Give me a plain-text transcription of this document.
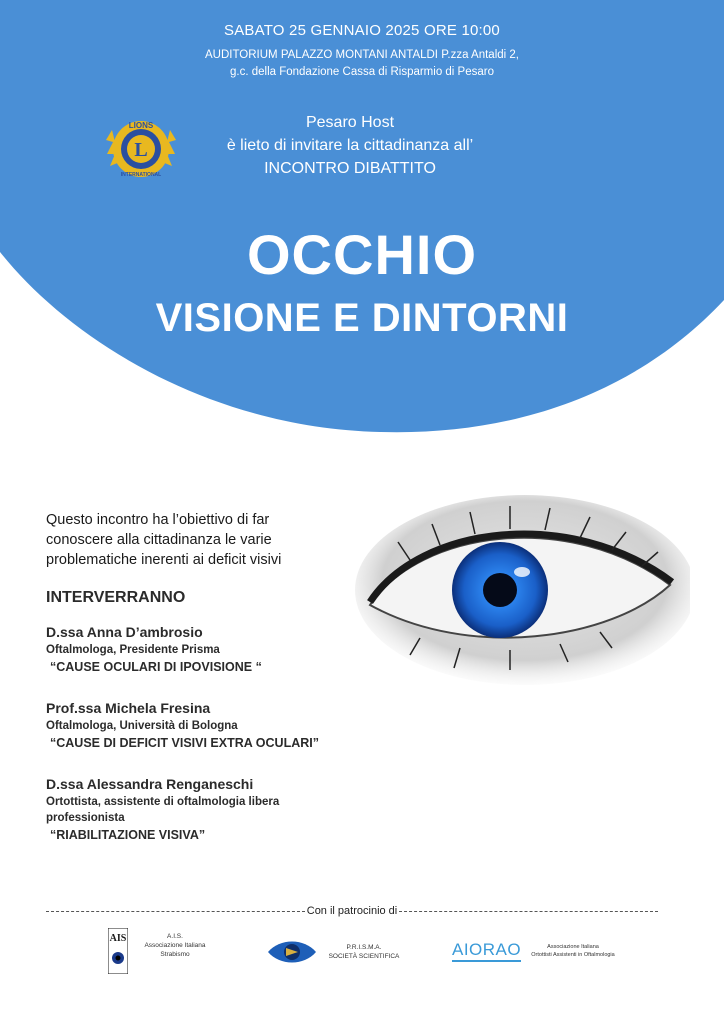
SABATO 25 GENNAIO 2025 ORE 10:00
AUDITORIUM PALAZZO MONTANI ANTALDI P.zza Antaldi 2,
g.c. della Fondazione Cassa di Risparmio di Pesaro
L
LIONS
INTERNATIONAL
Pesaro Host
è lieto di invitare la cittadinanza all’
INCONTRO DIBATTITO
OCCHIO
VISIONE E DINTORNI
Questo incontro ha l’obiettivo di far
conoscere alla cittadinanza le varie
problematiche inerenti ai deficit visivi
INTERVERRANNO
D.ssa Anna D’ambrosio
Oftalmologa, Presidente Prisma
“CAUSE OCULARI DI IPOVISIONE “
Prof.ssa Michela Fresina
Oftalmologa, Università di Bologna
“CAUSE DI DEFICIT VISIVI EXTRA OCULARI”
D.ssa Alessandra Renganeschi
Ortottista, assistente di oftalmologia libera
professionista
“RIABILITAZIONE VISIVA”
Con il patrocinio di
AIS	A.I.S.
Associazione Italiana
Strabismo
P.R.I.S.M.A.
SOCIETÀ SCIENTIFICA	AIORAO	Associazione Italiana
Ortottisti Assistenti in Oftalmologia
